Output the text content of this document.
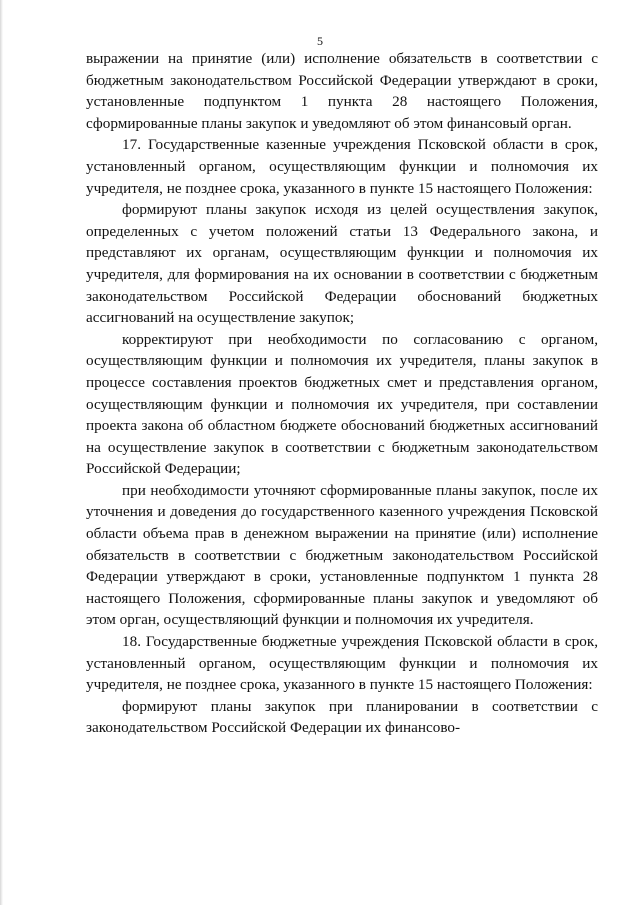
5

выражении на принятие (или) исполнение обязательств в соответствии с бюджетным законодательством Российской Федерации утверждают в сроки, установленные подпунктом 1 пункта 28 настоящего Положения, сформированные планы закупок и уведомляют об этом финансовый орган.

17. Государственные казенные учреждения Псковской области в срок, установленный органом, осуществляющим функции и полномочия их учредителя, не позднее срока, указанного в пункте 15 настоящего Положения:

формируют планы закупок исходя из целей осуществления закупок, определенных с учетом положений статьи 13 Федерального закона, и представляют их органам, осуществляющим функции и полномочия их учредителя, для формирования на их основании в соответствии с бюджетным законодательством Российской Федерации обоснований бюджетных ассигнований на осуществление закупок;

корректируют при необходимости по согласованию с органом, осуществляющим функции и полномочия их учредителя, планы закупок в процессе составления проектов бюджетных смет и представления органом, осуществляющим функции и полномочия их учредителя, при составлении проекта закона об областном бюджете обоснований бюджетных ассигнований на осуществление закупок в соответствии с бюджетным законодательством Российской Федерации;

при необходимости уточняют сформированные планы закупок, после их уточнения и доведения до государственного казенного учреждения Псковской области объема прав в денежном выражении на принятие (или) исполнение обязательств в соответствии с бюджетным законодательством Российской Федерации утверждают в сроки, установленные подпунктом 1 пункта 28 настоящего Положения, сформированные планы закупок и уведомляют об этом орган, осуществляющий функции и полномочия их учредителя.

18. Государственные бюджетные учреждения Псковской области в срок, установленный органом, осуществляющим функции и полномочия их учредителя, не позднее срока, указанного в пункте 15 настоящего Положения:

формируют планы закупок при планировании в соответствии с законодательством Российской Федерации их финансово-
